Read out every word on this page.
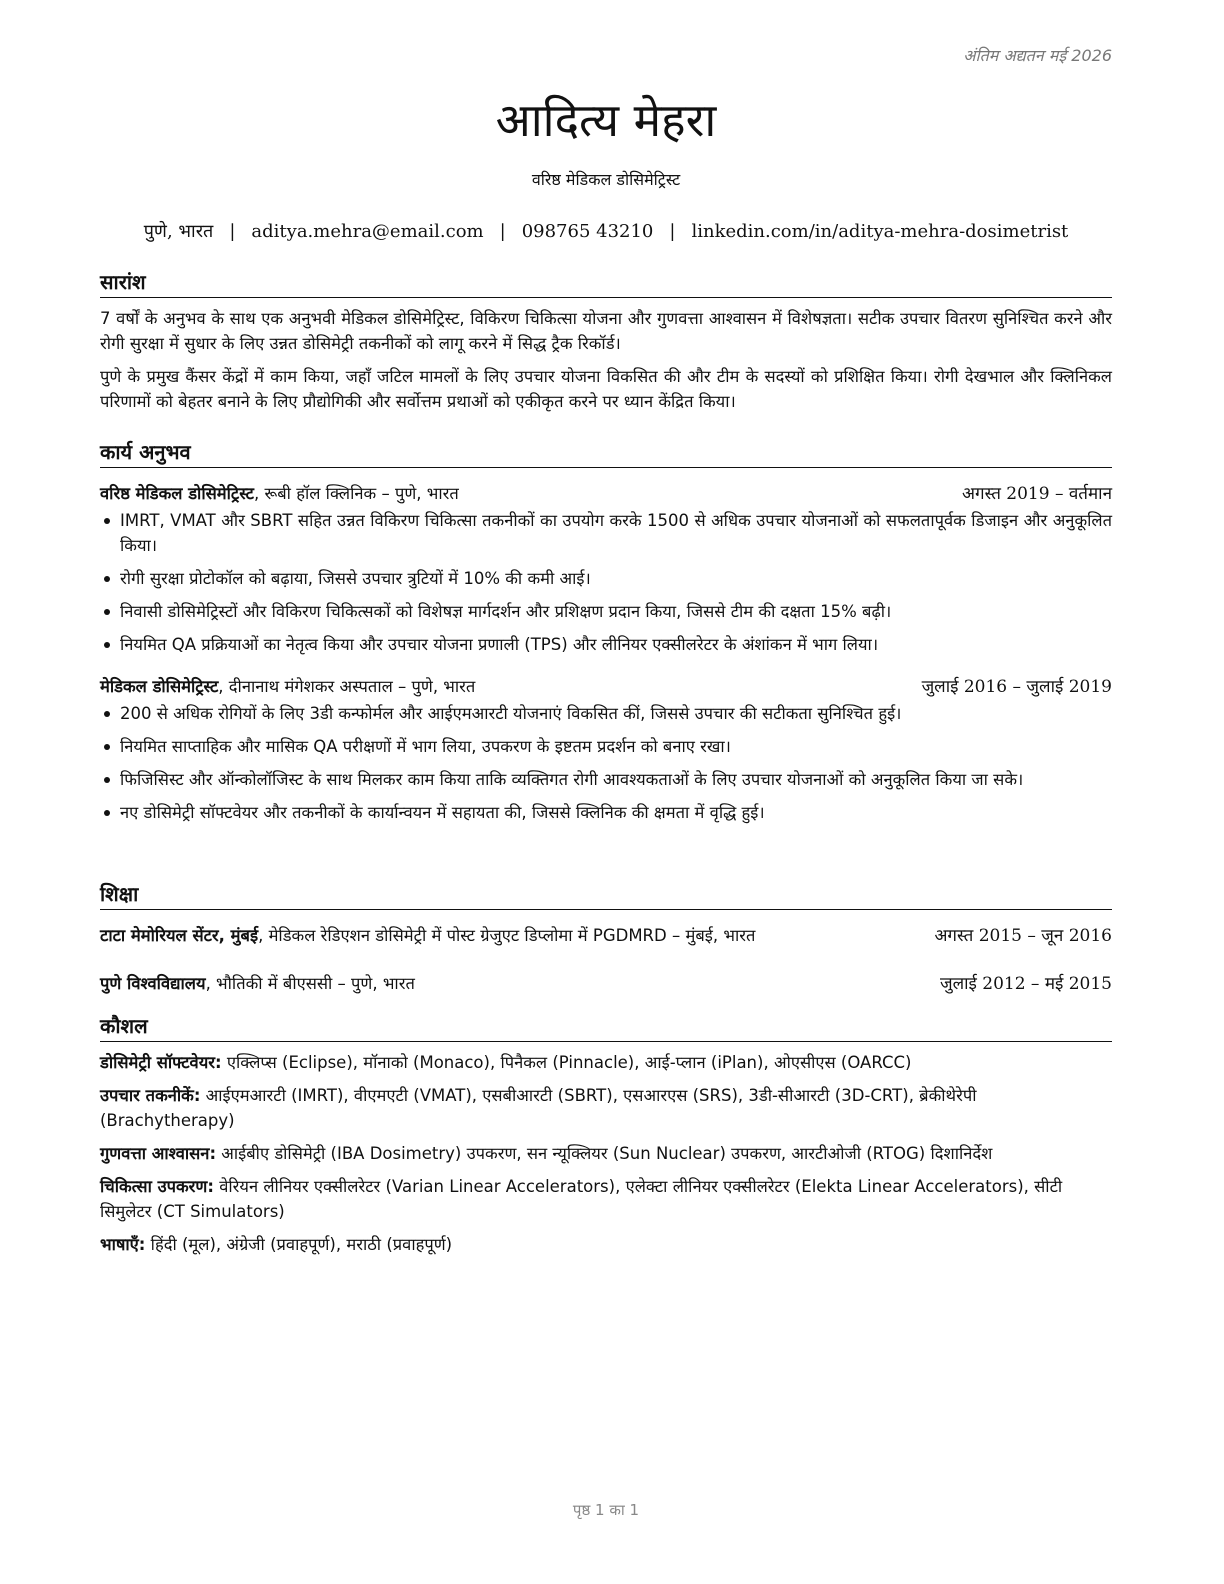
अंतिम अद्यतन मई 2026
आदित्य मेहरा
वरिष्ठ मेडिकल डोसिमेट्रिस्ट
पुणे, भारत | aditya.mehra@email.com | 098765 43210 | linkedin.com/in/aditya-mehra-dosimetrist
सारांश

7 वर्षों के अनुभव के साथ एक अनुभवी मेडिकल डोसिमेट्रिस्ट, विकिरण चिकित्सा योजना और गुणवत्ता आश्वासन में विशेषज्ञता। सटीक उपचार वितरण सुनिश्चित करने और रोगी सुरक्षा में सुधार के लिए उन्नत डोसिमेट्री तकनीकों को लागू करने में सिद्ध ट्रैक रिकॉर्ड।

पुणे के प्रमुख कैंसर केंद्रों में काम किया, जहाँ जटिल मामलों के लिए उपचार योजना विकसित की और टीम के सदस्यों को प्रशिक्षित किया। रोगी देखभाल और क्लिनिकल परिणामों को बेहतर बनाने के लिए प्रौद्योगिकी और सर्वोत्तम प्रथाओं को एकीकृत करने पर ध्यान केंद्रित किया।

कार्य अनुभव
वरिष्ठ मेडिकल डोसिमेट्रिस्ट, रूबी हॉल क्लिनिक – पुणे, भारत	अगस्त 2019 – वर्तमान
IMRT, VMAT और SBRT सहित उन्नत विकिरण चिकित्सा तकनीकों का उपयोग करके 1500 से अधिक उपचार योजनाओं को सफलतापूर्वक डिजाइन और अनुकूलित किया।
रोगी सुरक्षा प्रोटोकॉल को बढ़ाया, जिससे उपचार त्रुटियों में 10% की कमी आई।
निवासी डोसिमेट्रिस्टों और विकिरण चिकित्सकों को विशेषज्ञ मार्गदर्शन और प्रशिक्षण प्रदान किया, जिससे टीम की दक्षता 15% बढ़ी।
नियमित QA प्रक्रियाओं का नेतृत्व किया और उपचार योजना प्रणाली (TPS) और लीनियर एक्सीलरेटर के अंशांकन में भाग लिया।
मेडिकल डोसिमेट्रिस्ट, दीनानाथ मंगेशकर अस्पताल – पुणे, भारत	जुलाई 2016 – जुलाई 2019
200 से अधिक रोगियों के लिए 3डी कन्फोर्मल और आईएमआरटी योजनाएं विकसित कीं, जिससे उपचार की सटीकता सुनिश्चित हुई।
नियमित साप्ताहिक और मासिक QA परीक्षणों में भाग लिया, उपकरण के इष्टतम प्रदर्शन को बनाए रखा।
फिजिसिस्ट और ऑन्कोलॉजिस्ट के साथ मिलकर काम किया ताकि व्यक्तिगत रोगी आवश्यकताओं के लिए उपचार योजनाओं को अनुकूलित किया जा सके।
नए डोसिमेट्री सॉफ्टवेयर और तकनीकों के कार्यान्वयन में सहायता की, जिससे क्लिनिक की क्षमता में वृद्धि हुई।
शिक्षा
टाटा मेमोरियल सेंटर, मुंबई, मेडिकल रेडिएशन डोसिमेट्री में पोस्ट ग्रेजुएट डिप्लोमा में PGDMRD – मुंबई, भारत	अगस्त 2015 – जून 2016
पुणे विश्वविद्यालय, भौतिकी में बीएससी – पुणे, भारत	जुलाई 2012 – मई 2015
कौशल

डोसिमेट्री सॉफ्टवेयर: एक्लिप्स (Eclipse), मॉनाको (Monaco), पिनैकल (Pinnacle), आई-प्लान (iPlan), ओएसीएस (OARCC)

उपचार तकनीकें: आईएमआरटी (IMRT), वीएमएटी (VMAT), एसबीआरटी (SBRT), एसआरएस (SRS), 3डी-सीआरटी (3D-CRT), ब्रेकीथेरेपी (Brachytherapy)

गुणवत्ता आश्वासन: आईबीए डोसिमेट्री (IBA Dosimetry) उपकरण, सन न्यूक्लियर (Sun Nuclear) उपकरण, आरटीओजी (RTOG) दिशानिर्देश

चिकित्सा उपकरण: वेरियन लीनियर एक्सीलरेटर (Varian Linear Accelerators), एलेक्टा लीनियर एक्सीलरेटर (Elekta Linear Accelerators), सीटी सिमुलेटर (CT Simulators)

भाषाएँ: हिंदी (मूल), अंग्रेजी (प्रवाहपूर्ण), मराठी (प्रवाहपूर्ण)

पृष्ठ 1 का 1
